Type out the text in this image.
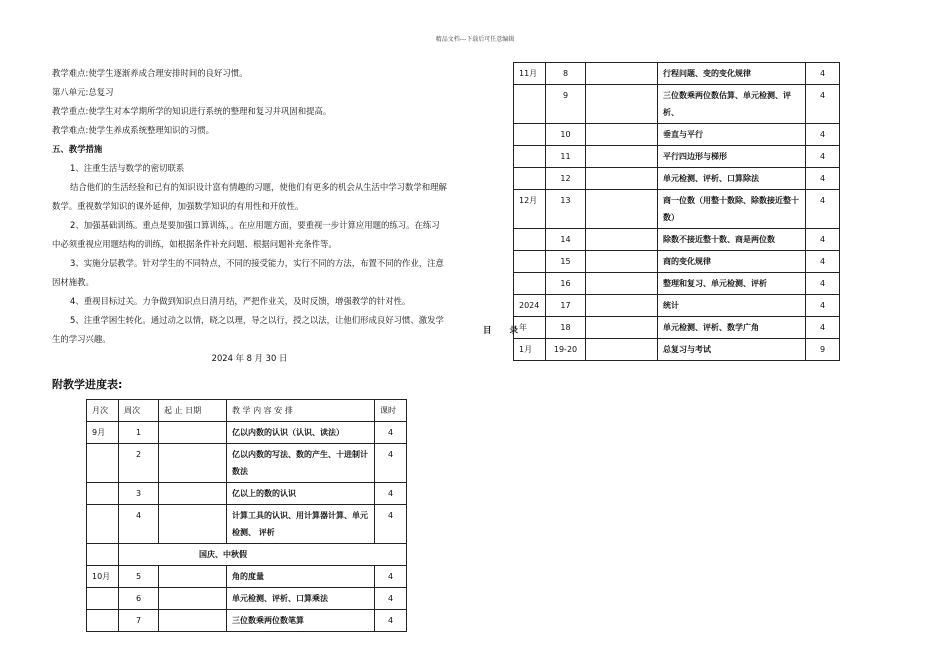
精品文档---下载后可任意编辑

教学难点:使学生逐渐养成合理安排时间的良好习惯。

第八单元:总复习

教学重点:使学生对本学期所学的知识进行系统的整理和复习并巩固和提高。

教学难点:使学生养成系统整理知识的习惯。

五、教学措施

1、注重生活与数学的密切联系

结合他们的生活经验和已有的知识设计富有情趣的习题，使他们有更多的机会从生活中学习数学和理解数学。重视数学知识的课外延伸，加强数学知识的有用性和开放性。

2、加强基础训练。重点是要加强口算训练，。在应用题方面，要重视一步计算应用题的练习。在练习中必须重视应用题结构的训练，如根据条件补充问题、根据问题补充条件等。

3、实施分层教学。针对学生的不同特点，不同的接受能力，实行不同的方法，布置不同的作业，注意因材施教。

4、重视目标过关。力争做到知识点日清月结，严把作业关，及时反馈，增强教学的针对性。

5、注重学困生转化。通过动之以情，晓之以理，导之以行，授之以法，让他们形成良好习惯、激发学生的学习兴趣。

2024 年 8 月 30 日

附教学进度表:
月次	周次	起 止 日期	教 学 内 容 安 排	课时
9月	1		亿以内数的认识（认识、读法）	4
	2		亿以内数的写法、数的产生、十进制计数法	4
	3		亿以上的数的认识	4
	4		计算工具的认识、用计算器计算、单元检测、 评析	4
	国庆、中秋假			
10月	5		角的度量	4
	6		单元检测、评析、口算乘法	4
	7		三位数乘两位数笔算	4
目 录
11月	8		行程问题、变的变化规律	4
	9		三位数乘两位数估算、单元检测、评析、	4
	10		垂直与平行	4
	11		平行四边形与梯形	4
	12		单元检测、评析、口算除法	4
12月	13		商一位数（用整十数除、除数接近整十数）	4
	14		除数不接近整十数、商是两位数	4
	15		商的变化规律	4
	16		整理和复习、单元检测、评析	4
2024	17		统计	4
年	18		单元检测、评析、数学广角	4
1月	19-20		总复习与考试	9
